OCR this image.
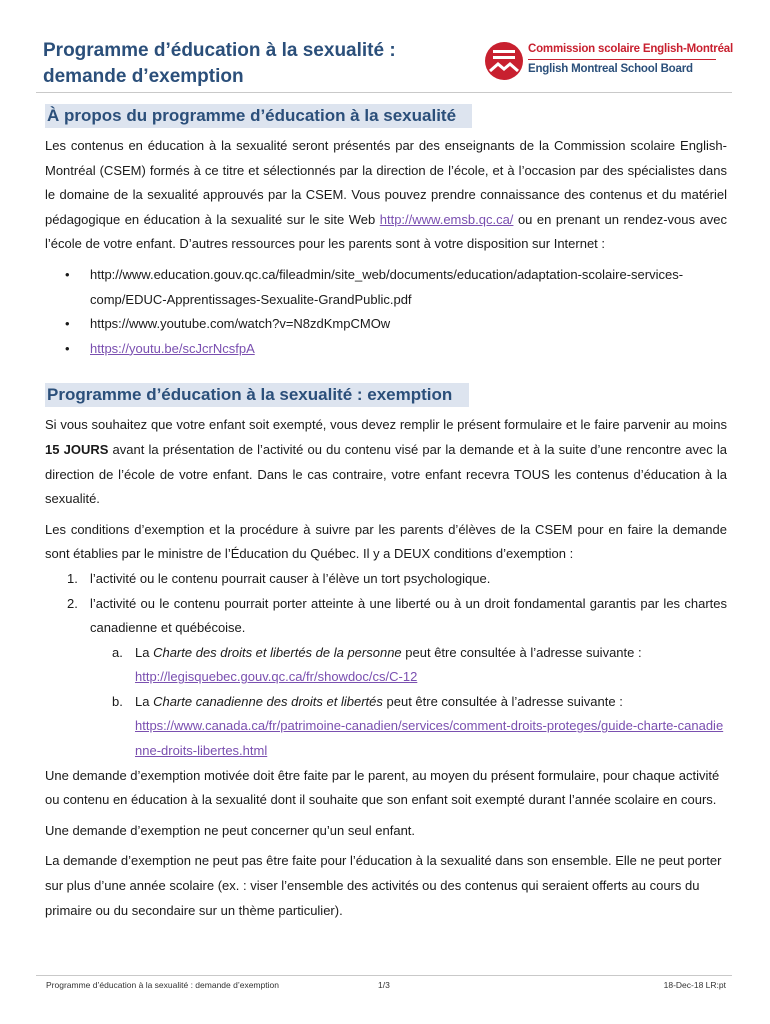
Programme d’éducation à la sexualité :
demande d’exemption
Commission scolaire English-Montréal
English Montreal School Board
À propos du programme d’éducation à la sexualité

Les contenus en éducation à la sexualité seront présentés par des enseignants de la Commission scolaire English-Montréal (CSEM) formés à ce titre et sélectionnés par la direction de l’école, et à l’occasion par des spécialistes dans le domaine de la sexualité approuvés par la CSEM. Vous pouvez prendre connaissance des contenus et du matériel pédagogique en éducation à la sexualité sur le site Web http://www.emsb.qc.ca/ ou en prenant un rendez-vous avec l’école de votre enfant. D’autres ressources pour les parents sont à votre disposition sur Internet :

• http://www.education.gouv.qc.ca/fileadmin/site_web/documents/education/adaptation-scolaire-services-comp/EDUC-Apprentissages-Sexualite-GrandPublic.pdf
• https://www.youtube.com/watch?v=N8zdKmpCMOw
• https://youtu.be/scJcrNcsfpA
Programme d’éducation à la sexualité : exemption

Si vous souhaitez que votre enfant soit exempté, vous devez remplir le présent formulaire et le faire parvenir au moins 15 JOURS avant la présentation de l’activité ou du contenu visé par la demande et à la suite d’une rencontre avec la direction de l’école de votre enfant. Dans le cas contraire, votre enfant recevra TOUS les contenus d’éducation à la sexualité.

Les conditions d’exemption et la procédure à suivre par les parents d’élèves de la CSEM pour en faire la demande sont établies par le ministre de l’Éducation du Québec. Il y a DEUX conditions d’exemption :

1. l’activité ou le contenu pourrait causer à l’élève un tort psychologique.
2. l’activité ou le contenu pourrait porter atteinte à une liberté ou à un droit fondamental garantis par les chartes canadienne et québécoise.
a. La Charte des droits et libertés de la personne peut être consultée à l’adresse suivante :
http://legisquebec.gouv.qc.ca/fr/showdoc/cs/C-12
b. La Charte canadienne des droits et libertés peut être consultée à l’adresse suivante :
https://www.canada.ca/fr/patrimoine-canadien/services/comment-droits-proteges/guide-charte-canadienne-droits-libertes.html

Une demande d’exemption motivée doit être faite par le parent, au moyen du présent formulaire, pour chaque activité ou contenu en éducation à la sexualité dont il souhaite que son enfant soit exempté durant l’année scolaire en cours.

Une demande d’exemption ne peut concerner qu’un seul enfant.

La demande d’exemption ne peut pas être faite pour l’éducation à la sexualité dans son ensemble. Elle ne peut porter sur plus d’une année scolaire (ex. : viser l’ensemble des activités ou des contenus qui seraient offerts au cours du primaire ou du secondaire sur un thème particulier).

Programme d’éducation à la sexualité : demande d’exemption	1/3	18-Dec-18 LR:pt
